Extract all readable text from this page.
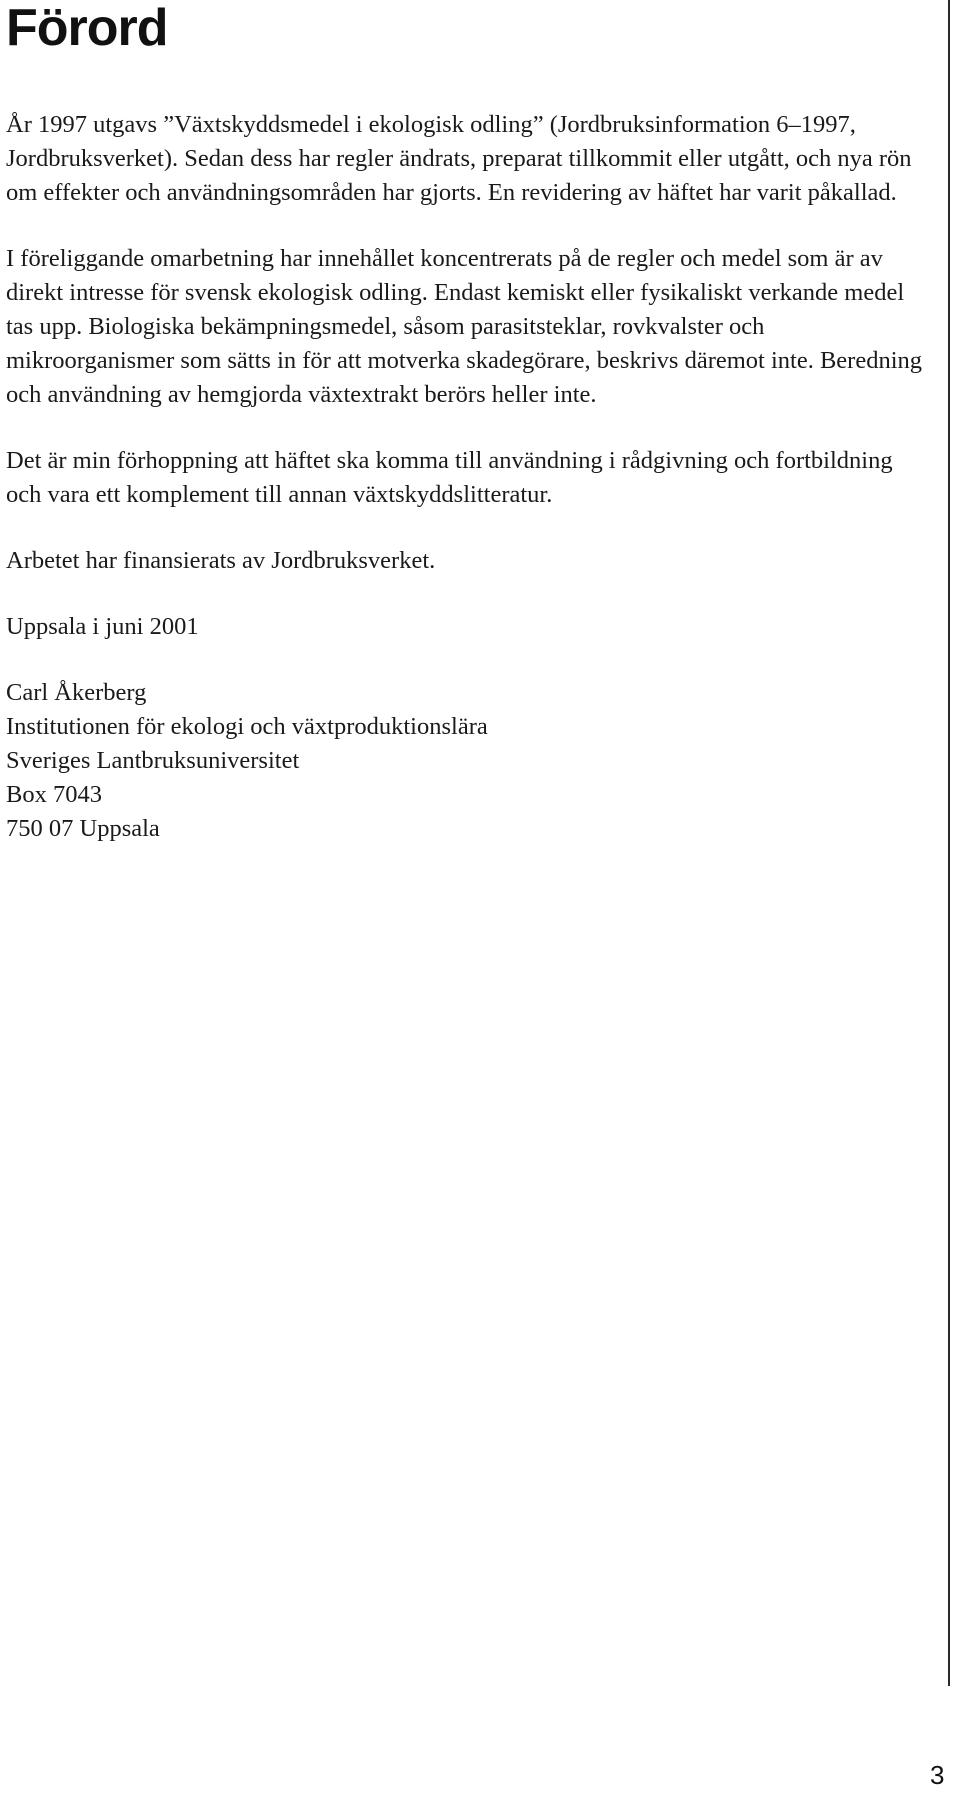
Förord

År 1997 utgavs ”Växtskyddsmedel i ekologisk odling” (Jordbruksinformation 6–1997, Jordbruksverket). Sedan dess har regler ändrats, preparat tillkommit eller utgått, och nya rön om effekter och användningsområden har gjorts. En revidering av häftet har varit påkallad.

I föreliggande omarbetning har innehållet koncentrerats på de regler och medel som är av direkt intresse för svensk ekologisk odling. Endast kemiskt eller fysikaliskt verkande medel tas upp. Biologiska bekämpningsmedel, såsom parasitsteklar, rovkvalster och mikroorganismer som sätts in för att motverka skadegörare, beskrivs däremot inte. Beredning och användning av hemgjorda växtextrakt berörs heller inte.

Det är min förhoppning att häftet ska komma till användning i rådgivning och fortbildning och vara ett komplement till annan växtskyddslitteratur.

Arbetet har finansierats av Jordbruksverket.

Uppsala i juni 2001

Carl Åkerberg

Institutionen för ekologi och växtproduktionslära

Sveriges Lantbruksuniversitet

Box 7043

750 07 Uppsala

3
